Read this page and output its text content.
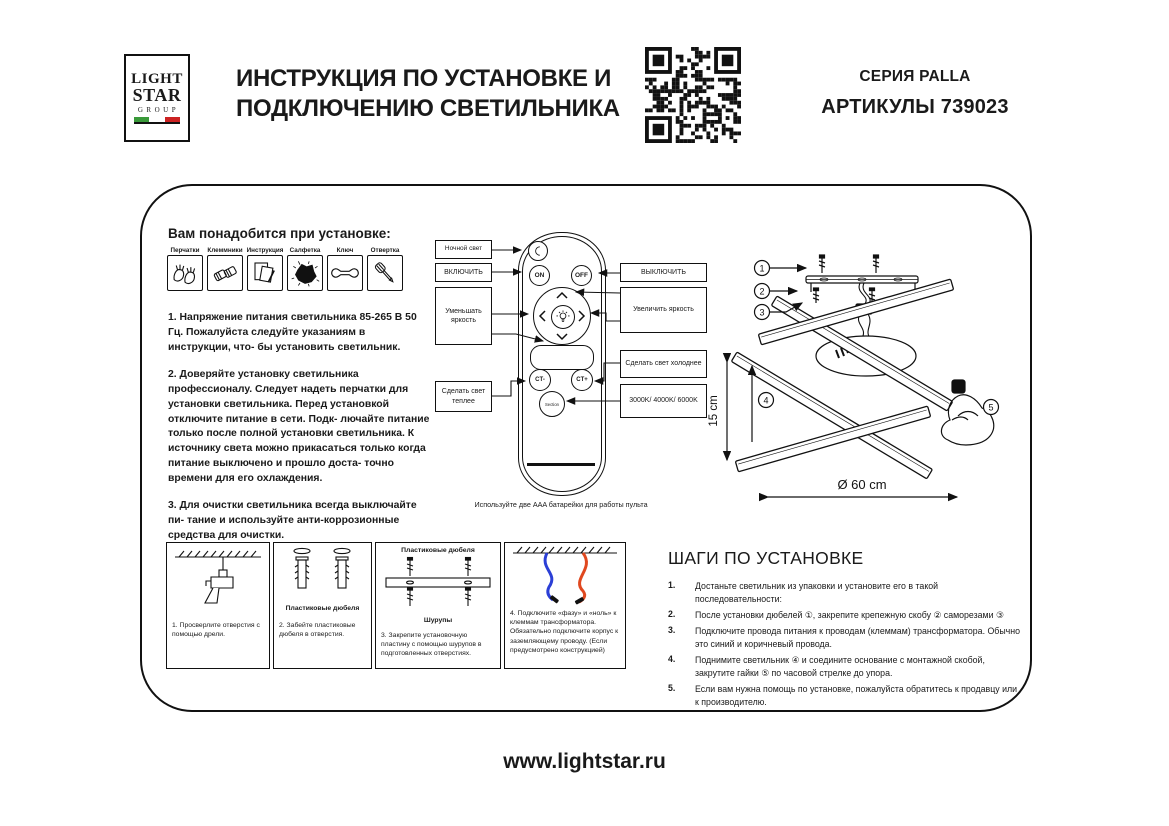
LIGHT
STAR
GROUP
ИНСТРУКЦИЯ ПО УСТАНОВКЕ И
ПОДКЛЮЧЕНИЮ СВЕТИЛЬНИКА
СЕРИЯ PALLA
АРТИКУЛЫ 739023
Вам понадобится при установке:
Перчатки Клеммники Инструкция Салфетка	Ключ	Отвертка

1. Напряжение питания светильника 85-265 В 50 Гц. Пожалуйста следуйте указаниям в инструкции, что- бы установить светильник.

2. Доверяйте установку светильника профессионалу. Следует надеть перчатки для установки светильника. Перед установкой отключите питание в сети. Подк- лючайте питание только после полной установки светильника. К источнику света можно прикасаться только когда питание выключено и прошло доста- точно времени для его охлаждения.

3. Для очистки светильника всегда выключайте пи- тание и используйте анти-коррозионные средства для очистки.

ON	OFF
CT-	CT+
Section
Ночной свет
ВКЛЮЧИТЬ
Уменьшать яркость
Сделать свет теплее
ВЫКЛЮЧИТЬ
Увеличить яркость
Сделать свет холоднее
3000K/ 4000K/ 6000K
Используйте две AAA батарейки для работы пульта
1
2
3
4
5
15 cm
Ø 60 cm
1. Просверлите отверстия с помощью дрели.
Пластиковые дюбеля
2. Забейте пластиковые дюбеля в отверстия.
Пластиковые дюбеля
Шурупы
3. Закрепите установочную пластину с помощью шурупов в подготовленных отверстиях.
4. Подключите «фазу» и «ноль» к клеммам трансформатора. Обязательно подключите корпус к заземляющему проводу. (Если предусмотрено конструкцией)
ШАГИ ПО УСТАНОВКЕ
1.	Достаньте светильник из упаковки и установите его в такой последовательности:
2.	После установки дюбелей ①, закрепите крепежную скобу ② саморезами ③
3.	Подключите провода питания к проводам (клеммам) трансформатора. Обычно это синий и коричневый провода.
4.	Поднимите светильник ④ и соедините основание с монтажной скобой, закрутите гайки ⑤ по часовой стрелке до упора.
5.	Если вам нужна помощь по установке, пожалуйста обратитесь к продавцу или к производителю.
www.lightstar.ru
